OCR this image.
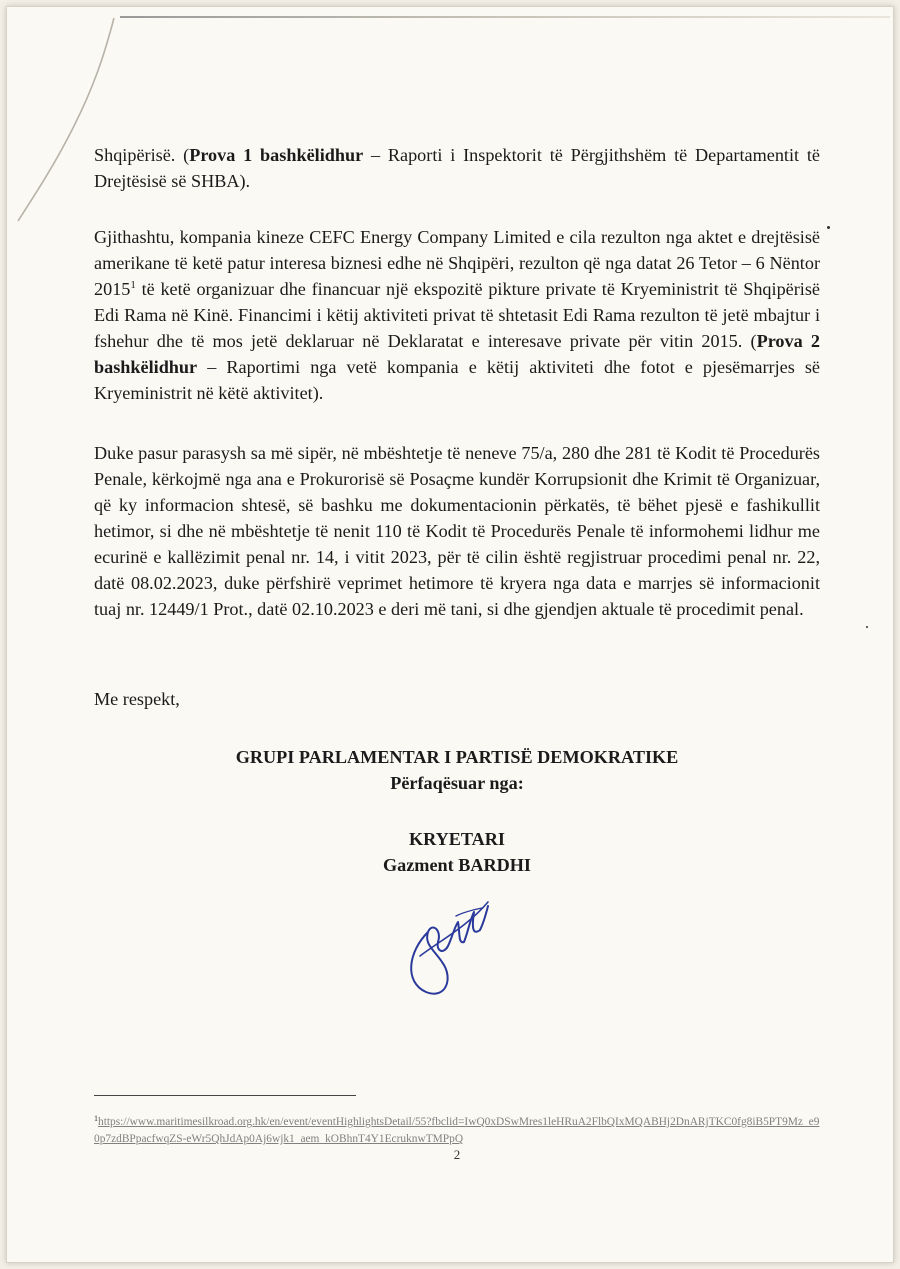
Shqipërisë. (Prova 1 bashkëlidhur – Raporti i Inspektorit të Përgjithshëm të Departamentit të Drejtësisë së SHBA).
Gjithashtu, kompania kineze CEFC Energy Company Limited e cila rezulton nga aktet e drejtësisë amerikane të ketë patur interesa biznesi edhe në Shqipëri, rezulton që nga datat 26 Tetor – 6 Nëntor 2015$^1$ të ketë organizuar dhe financuar një ekspozitë pikture private të Kryeministrit të Shqipërisë Edi Rama në Kinë. Financimi i këtij aktiviteti privat të shtetasit Edi Rama rezulton të jetë mbajtur i fshehur dhe të mos jetë deklaruar në Deklaratat e interesave private për vitin 2015. (Prova 2 bashkëlidhur – Raportimi nga vetë kompania e këtij aktiviteti dhe fotot e pjesëmarrjes së Kryeministrit në këtë aktivitet).
Duke pasur parasysh sa më sipër, në mbështetje të neneve 75/a, 280 dhe 281 të Kodit të Procedurës Penale, kërkojmë nga ana e Prokurorisë së Posaçme kundër Korrupsionit dhe Krimit të Organizuar, që ky informacion shtesë, së bashku me dokumentacionin përkatës, të bëhet pjesë e fashikullit hetimor, si dhe në mbështetje të nenit 110 të Kodit të Procedurës Penale të informohemi lidhur me ecurinë e kallëzimit penal nr. 14, i vitit 2023, për të cilin është regjistruar procedimi penal nr. 22, datë 08.02.2023, duke përfshirë veprimet hetimore të kryera nga data e marrjes së informacionit tuaj nr. 12449/1 Prot., datë 02.10.2023 e deri më tani, si dhe gjendjen aktuale të procedimit penal.
Me respekt,
GRUPI PARLAMENTAR I PARTISË DEMOKRATIKE
Përfaqësuar nga:
KRYETARI
Gazment BARDHI
$^1$https://www.maritimesilkroad.org.hk/en/event/eventHighlightsDetail/55?fbclid=IwQ0xDSwMres1leHRuA2FlbQIxMQABHj2DnARjTKC0fg8iB5PT9Mz_e90p7zdBPpacfwqZS-eWr5QhJdAp0Aj6wjk1_aem_kOBhnT4Y1EcruknwTMPpQ
2
